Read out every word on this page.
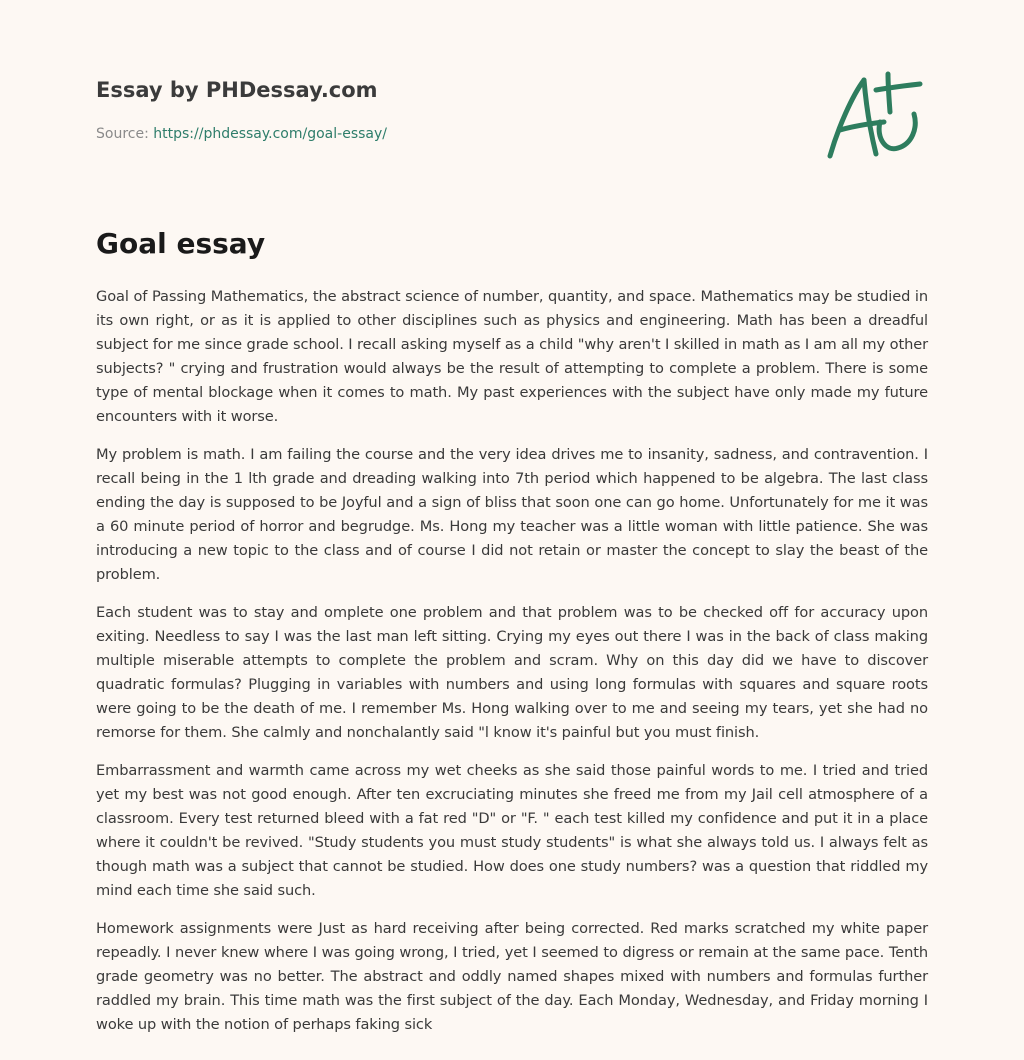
Essay by PHDessay.com
Source: https://phdessay.com/goal-essay/
Goal essay

Goal of Passing Mathematics, the abstract science of number, quantity, and space. Mathematics may be studied in its own right, or as it is applied to other disciplines such as physics and engineering. Math has been a dreadful subject for me since grade school. I recall asking myself as a child "why aren't I skilled in math as I am all my other subjects? " crying and frustration would always be the result of attempting to complete a problem. There is some type of mental blockage when it comes to math. My past experiences with the subject have only made my future encounters with it worse.

My problem is math. I am failing the course and the very idea drives me to insanity, sadness, and contravention. I recall being in the 1 lth grade and dreading walking into 7th period which happened to be algebra. The last class ending the day is supposed to be Joyful and a sign of bliss that soon one can go home. Unfortunately for me it was a 60 minute period of horror and begrudge. Ms. Hong my teacher was a little woman with little patience. She was introducing a new topic to the class and of course I did not retain or master the concept to slay the beast of the problem.

Each student was to stay and omplete one problem and that problem was to be checked off for accuracy upon exiting. Needless to say I was the last man left sitting. Crying my eyes out there I was in the back of class making multiple miserable attempts to complete the problem and scram. Why on this day did we have to discover quadratic formulas? Plugging in variables with numbers and using long formulas with squares and square roots were going to be the death of me. I remember Ms. Hong walking over to me and seeing my tears, yet she had no remorse for them. She calmly and nonchalantly said "l know it's painful but you must finish.

Embarrassment and warmth came across my wet cheeks as she said those painful words to me. I tried and tried yet my best was not good enough. After ten excruciating minutes she freed me from my Jail cell atmosphere of a classroom. Every test returned bleed with a fat red "D" or "F. " each test killed my confidence and put it in a place where it couldn't be revived. "Study students you must study students" is what she always told us. I always felt as though math was a subject that cannot be studied. How does one study numbers? was a question that riddled my mind each time she said such.

Homework assignments were Just as hard receiving after being corrected. Red marks scratched my white paper repeadly. I never knew where I was going wrong, I tried, yet I seemed to digress or remain at the same pace. Tenth grade geometry was no better. The abstract and oddly named shapes mixed with numbers and formulas further raddled my brain. This time math was the first subject of the day. Each Monday, Wednesday, and Friday morning I woke up with the notion of perhaps faking sick
